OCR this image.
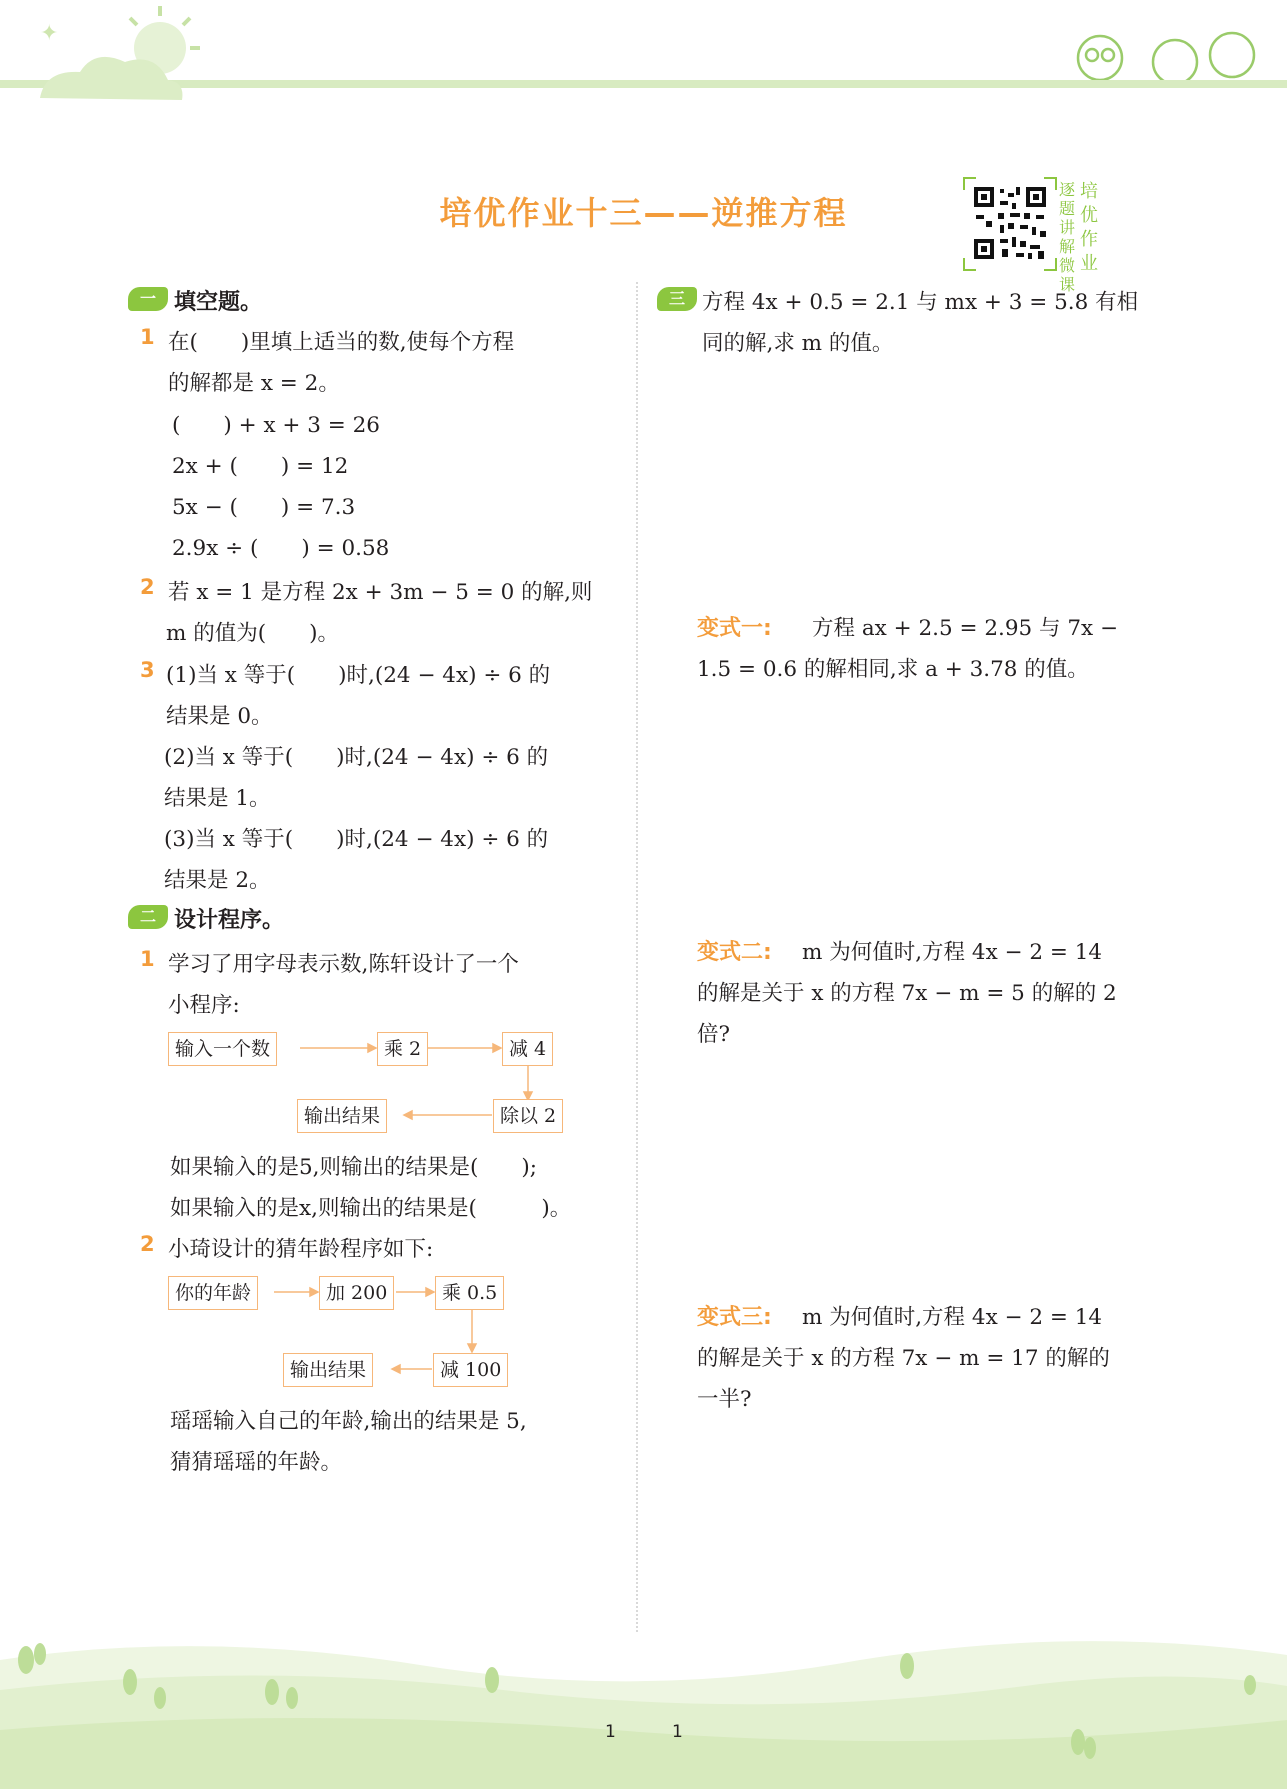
✦
培优作业十三——逆推方程
逐
题
讲
解
微
课
培
优
作
业
一 填空题。
1 在(　　)里填上适当的数,使每个方程
的解都是 x = 2。
(　　) + x + 3 = 26
2x + (　　) = 12
5x − (　　) = 7.3
2.9x ÷ (　　) = 0.58
2 若 x = 1 是方程 2x + 3m − 5 = 0 的解,则
m 的值为(　　)。
3 (1)当 x 等于(　　)时,(24 − 4x) ÷ 6 的
结果是 0。
(2)当 x 等于(　　)时,(24 − 4x) ÷ 6 的
结果是 1。
(3)当 x 等于(　　)时,(24 − 4x) ÷ 6 的
结果是 2。
二 设计程序。
1 学习了用字母表示数,陈轩设计了一个
小程序:
输入一个数	乘 2	减 4
除以 2
输出结果
如果输入的是5,则输出的结果是(　　);
如果输入的是x,则输出的结果是(　　　)。
2 小琦设计的猜年龄程序如下:
你的年龄	加 200	乘 0.5
减 100
输出结果
瑶瑶输入自己的年龄,输出的结果是 5,
猜猜瑶瑶的年龄。
三 方程 4x + 0.5 = 2.1 与 mx + 3 = 5.8 有相
同的解,求 m 的值。
变式一: 方程 ax + 2.5 = 2.95 与 7x −
1.5 = 0.6 的解相同,求 a + 3.78 的值。
变式二: m 为何值时,方程 4x − 2 = 14
的解是关于 x 的方程 7x − m = 5 的解的 2
倍?
变式三: m 为何值时,方程 4x − 2 = 14
的解是关于 x 的方程 7x − m = 17 的解的
一半?
1	1
